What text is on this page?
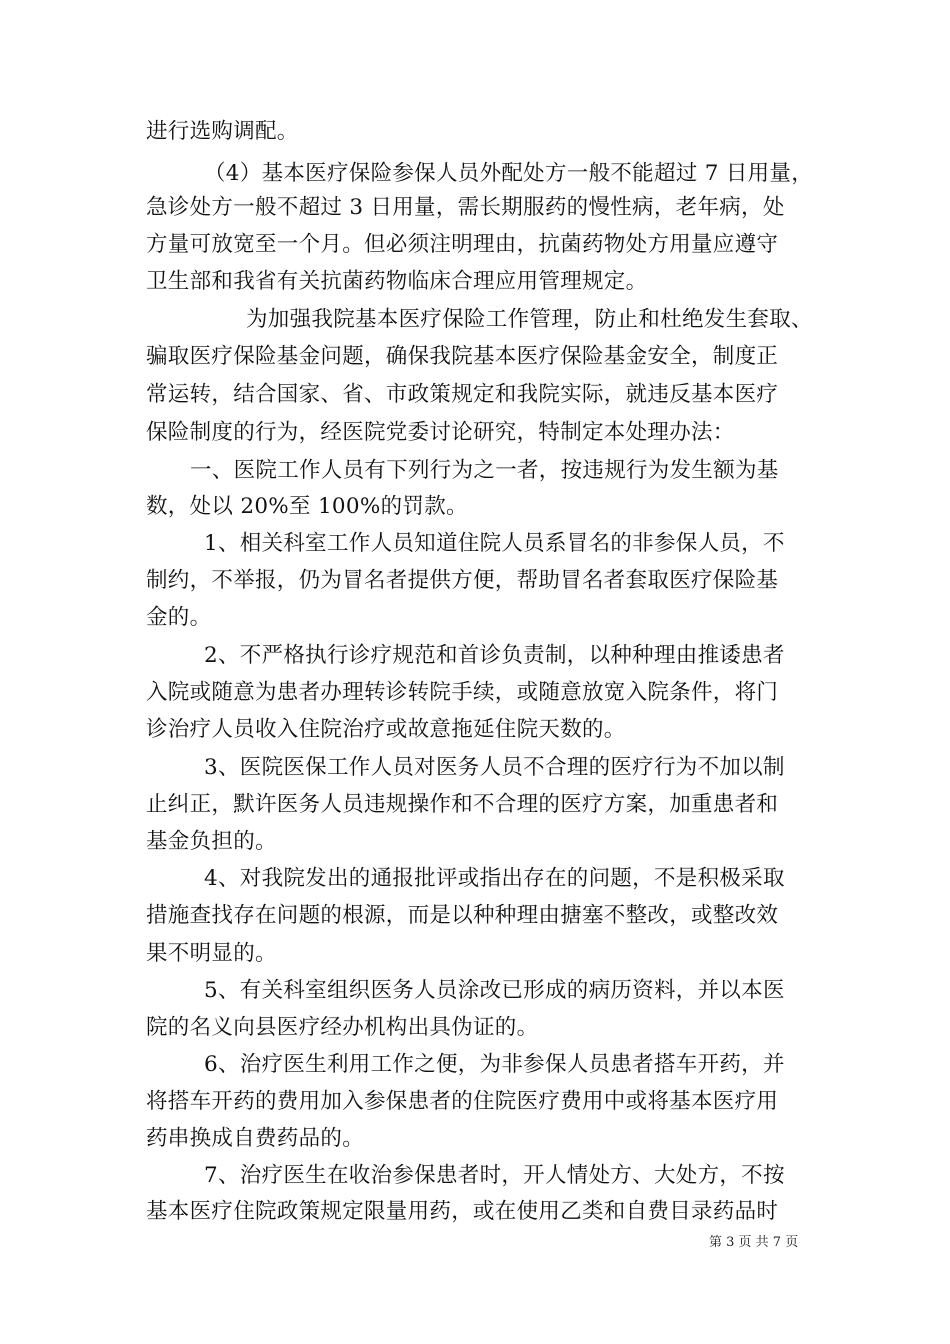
进行选购调配。
（4）基本医疗保险参保人员外配处方一般不能超过 7 日用量，
急诊处方一般不超过 3 日用量，需长期服药的慢性病，老年病，处
方量可放宽至一个月。但必须注明理由，抗菌药物处方用量应遵守
卫生部和我省有关抗菌药物临床合理应用管理规定。
为加强我院基本医疗保险工作管理，防止和杜绝发生套取、
骗取医疗保险基金问题，确保我院基本医疗保险基金安全，制度正
常运转，结合国家、省、市政策规定和我院实际，就违反基本医疗
保险制度的行为，经医院党委讨论研究，特制定本处理办法：
一、医院工作人员有下列行为之一者，按违规行为发生额为基
数，处以 20%至 100%的罚款。
1、相关科室工作人员知道住院人员系冒名的非参保人员，不
制约，不举报，仍为冒名者提供方便，帮助冒名者套取医疗保险基
金的。
2、不严格执行诊疗规范和首诊负责制，以种种理由推诿患者
入院或随意为患者办理转诊转院手续，或随意放宽入院条件，将门
诊治疗人员收入住院治疗或故意拖延住院天数的。
3、医院医保工作人员对医务人员不合理的医疗行为不加以制
止纠正，默许医务人员违规操作和不合理的医疗方案，加重患者和
基金负担的。
4、对我院发出的通报批评或指出存在的问题，不是积极采取
措施查找存在问题的根源，而是以种种理由搪塞不整改，或整改效
果不明显的。
5、有关科室组织医务人员涂改已形成的病历资料，并以本医
院的名义向县医疗经办机构出具伪证的。
6、治疗医生利用工作之便，为非参保人员患者搭车开药，并
将搭车开药的费用加入参保患者的住院医疗费用中或将基本医疗用
药串换成自费药品的。
7、治疗医生在收治参保患者时，开人情处方、大处方，不按
基本医疗住院政策规定限量用药，或在使用乙类和自费目录药品时
第 3 页 共 7 页
